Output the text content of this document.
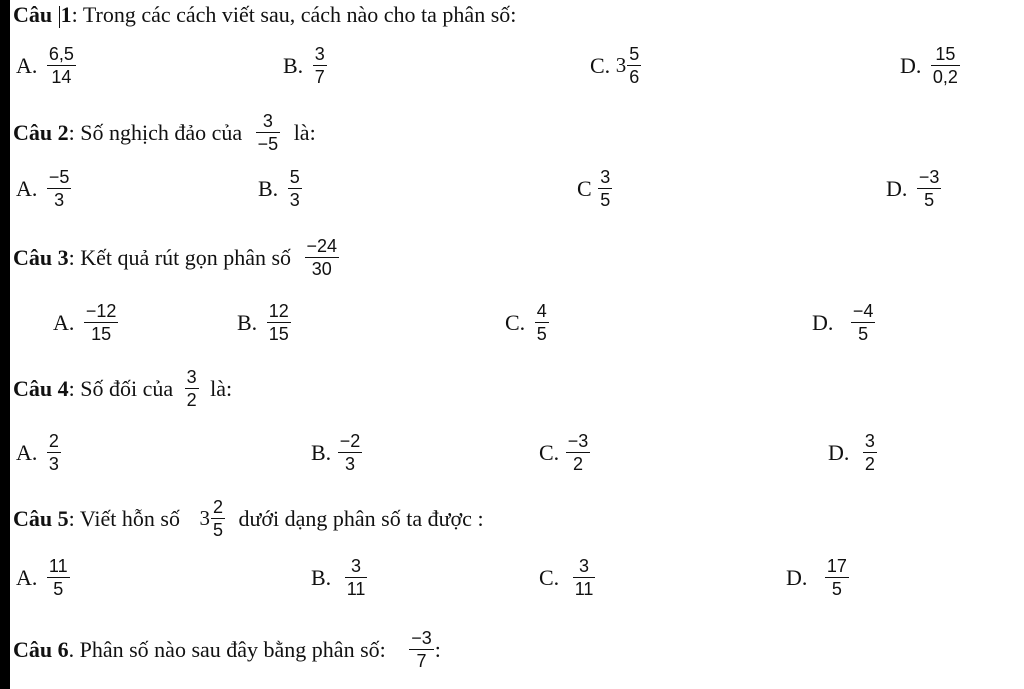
Câu 1: Trong các cách viết sau, cách nào cho ta phân số:
A. $\frac{6,5}{14}$	B. $\frac{3}{7}$	C. $3 \frac{5}{6}$	D. $\frac{15}{0,2}$
Câu 2: Số nghịch đảo của $\frac{3}{-5}$ là:
A. $\frac{-5}{3}$	B. $\frac{5}{3}$	C $\frac{3}{5}$	D. $\frac{-3}{5}$
Câu 3: Kết quả rút gọn phân số $\frac{-24}{30}$
A. $\frac{-12}{15}$	B. $\frac{12}{15}$	C. $\frac{4}{5}$	D. $\frac{-4}{5}$
Câu 4: Số đối của $\frac{3}{2}$ là:
A. $\frac{2}{3}$	B. $\frac{-2}{3}$	C. $\frac{-3}{2}$	D. $\frac{3}{2}$
Câu 5: Viết hỗn số $3 \frac{2}{5}$ dưới dạng phân số ta được :
A. $\frac{11}{5}$	B. $\frac{3}{11}$	C. $\frac{3}{11}$	D. $\frac{17}{5}$
Câu 6. Phân số nào sau đây bằng phân số: $\frac{-3}{7}$ :
